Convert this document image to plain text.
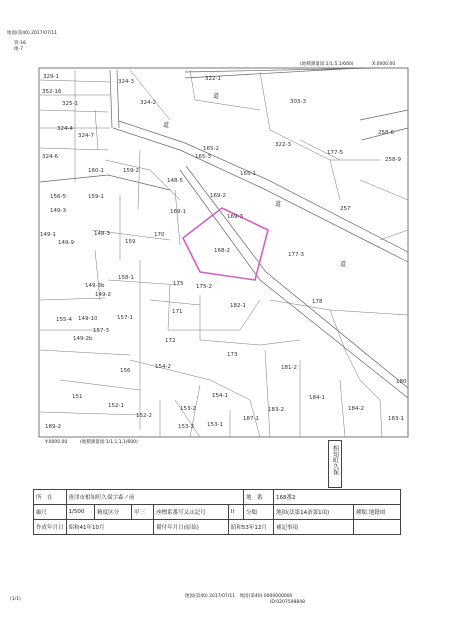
地図(第40) 2017/07/11
管-16
地-7
道
道
道
道
329-1
324-3	322-1
303-3
352-16
324-2
325-1
324-4
324-7
324-6
165-2
322-3
177-5
258-6
258-9
165-3
165-1
160-1	159-2
148-5
169-3
257
156-5	159-1
149-3	169-1
169-2
149-1
149-9
148-3
159
170
168-2
177-3
158-1
175 175-2
149-3b
149-2
155-4 149-10	157-1
171
182-1
178
157-3
149-2b	172
156
154-2
173
181-2
180
151
152-1
154-1	184-1
153-2
152-2
153-1
187-1
183-2
189-2	153-3
183-1
184-2
(地積測量図:1/1,5,1/600)	X:0000.00
Y:0000.00	(地積測量図:1/1,1,1,1/600)
相知町久保
所　在	唐津市相知町久保字森ノ前					地　番	168番2	
縮尺	1/500	精度区分	甲三	座標系番号又は記号	II	分類	地図(法第14条第1項)	種類 地籍図
作成年月日	昭和41年10月			備付年月日(原始)	昭和53年12月		補記事項	
(1/1)
地図(第40) 2017/07/11　地図(第40) 0000000000
ID:0207598848
